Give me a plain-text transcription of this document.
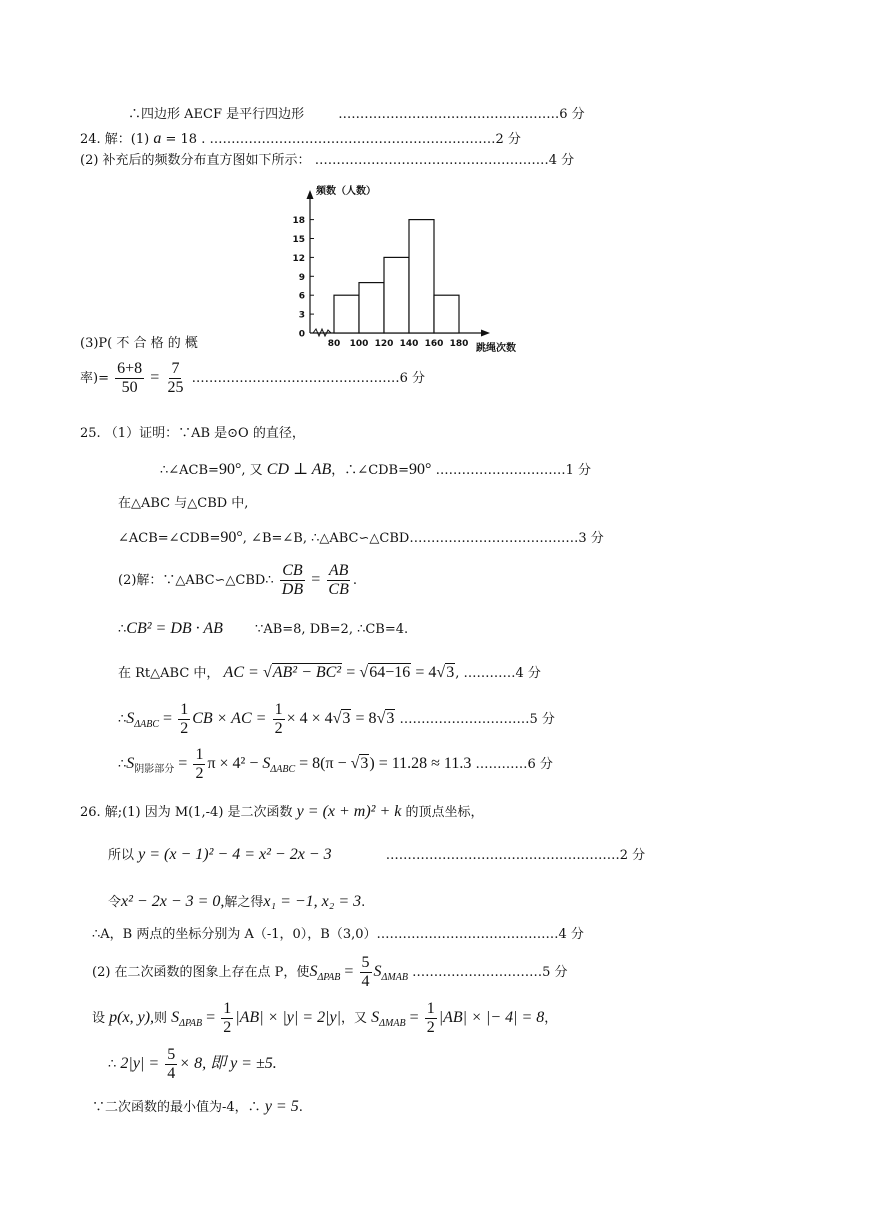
∴四边形 AECF 是平行四边形	……………………………………………6 分
24. 解：(1) a = 18 . …………………………………………………………2 分
(2) 补充后的频数分布直方图如下所示： ………………………………………………4 分
0
3
6
9
12
15
18
80 100 120 140 160 180
频数（人数）
跳绳次数
(3)P( 不 合 格 的 概
率)= $\frac{6+8}{50} = \frac{7}{25}$ …………………………………………6 分
25. （1）证明：∵AB 是⊙O 的直径，
∴∠ACB=90°, 又 CD ⊥ AB，∴∠CDB=90° …………………………1 分
在△ABC 与△CBD 中,
∠ACB=∠CDB=90°, ∠B=∠B, ∴△ABC∽△CBD…………………………………3 分
(2)解：∵△ABC∽△CBD∴ $\frac{CB}{DB} = \frac{AB}{CB}$ .
∴CB² = DB · AB ∵AB=8, DB=2, ∴CB=4.
在 Rt△ABC 中， AC = √AB² − BC² = √64−16 = 4√3, …………4 分
$\therefore S_{\Delta ABC} = \frac{1}{2}$ CB × AC = $\frac{1}{2} \times 4 \times 4√3 = 8√3$ …………………………5 分
$\therefore S_{阴影部分} = \frac{1}{2}$ $\pi \times 4^2 - S_{\Delta ABC} = 8(\pi - √3) = 11.28 \approx 11.3$ …………6 分
26. 解;(1) 因为 M(1,-4) 是二次函数 y = (x + m)² + k 的顶点坐标，
所以 y = (x − 1)² − 4 = x² − 2x − 3	………………………………………………2 分
令x² − 2x − 3 = 0,解之得x₁ = −1, x₂ = 3.
∴A，B 两点的坐标分别为 A（-1，0），B（3,0）……………………………………4 分
(2) 在二次函数的图象上存在点 P，使$S_{\Delta PAB} = \frac{5}{4} S_{\Delta MAB}$ …………………………5 分
设 p(x, y),则 $S_{\Delta PAB} = \frac{1}{2} |AB| \times |y| = 2|y|$，又 $S_{\Delta MAB} = \frac{1}{2} |AB|$ × |− 4| = 8，
∴ $2|y| = \frac{5}{4} \times 8$, 即 y = ±5.
∵二次函数的最小值为-4，∴ y = 5.
